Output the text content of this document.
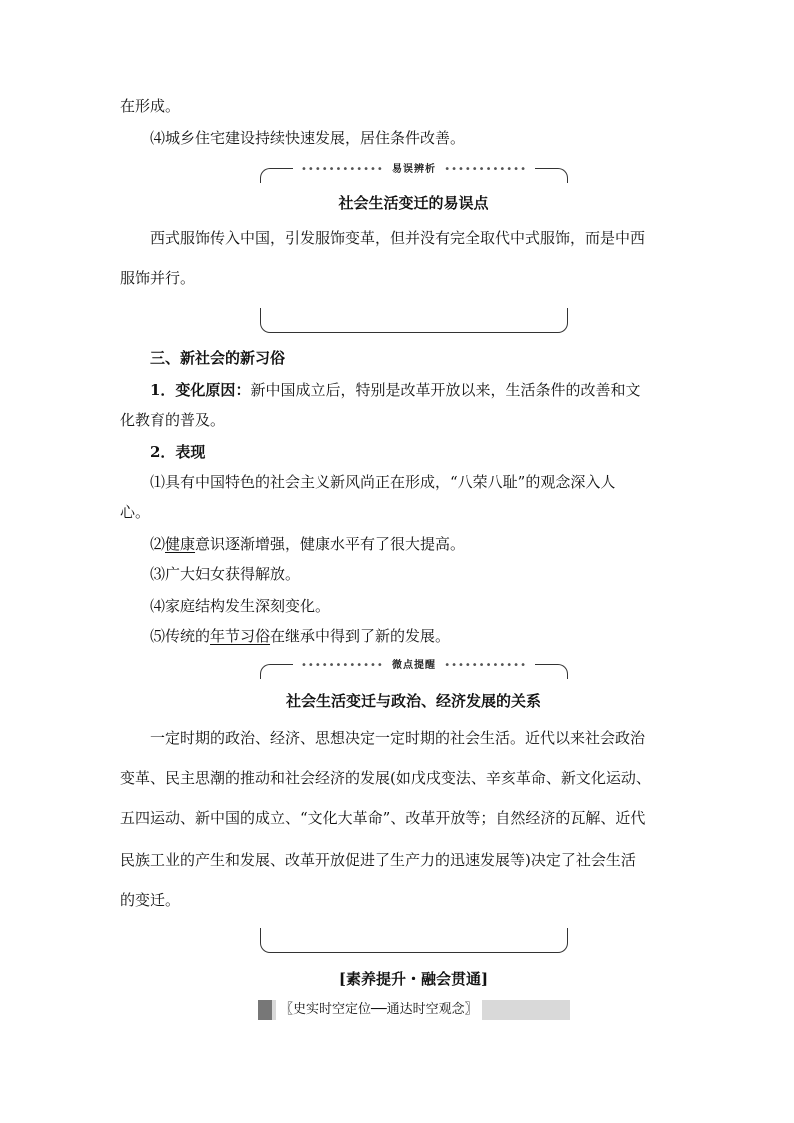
在形成。
⑷城乡住宅建设持续快速发展，居住条件改善。
•••••••••••• 易误辨析 ••••••••••••
社会生活变迁的易误点
西式服饰传入中国，引发服饰变革，但并没有完全取代中式服饰，而是中西
服饰并行。
三、新社会的新习俗
1．变化原因：新中国成立后，特别是改革开放以来，生活条件的改善和文
化教育的普及。
2．表现
⑴具有中国特色的社会主义新风尚正在形成，“八荣八耻”的观念深入人
心。
⑵健康意识逐渐增强，健康水平有了很大提高。
⑶广大妇女获得解放。
⑷家庭结构发生深刻变化。
⑸传统的年节习俗在继承中得到了新的发展。
•••••••••••• 微点提醒 ••••••••••••
社会生活变迁与政治、经济发展的关系
一定时期的政治、经济、思想决定一定时期的社会生活。近代以来社会政治
变革、民主思潮的推动和社会经济的发展(如戊戌变法、辛亥革命、新文化运动、
五四运动、新中国的成立、“文化大革命”、改革开放等；自然经济的瓦解、近代
民族工业的产生和发展、改革开放促进了生产力的迅速发展等)决定了社会生活
的变迁。
[素养提升・融会贯通]
〖史实时空定位──通达时空观念〗
